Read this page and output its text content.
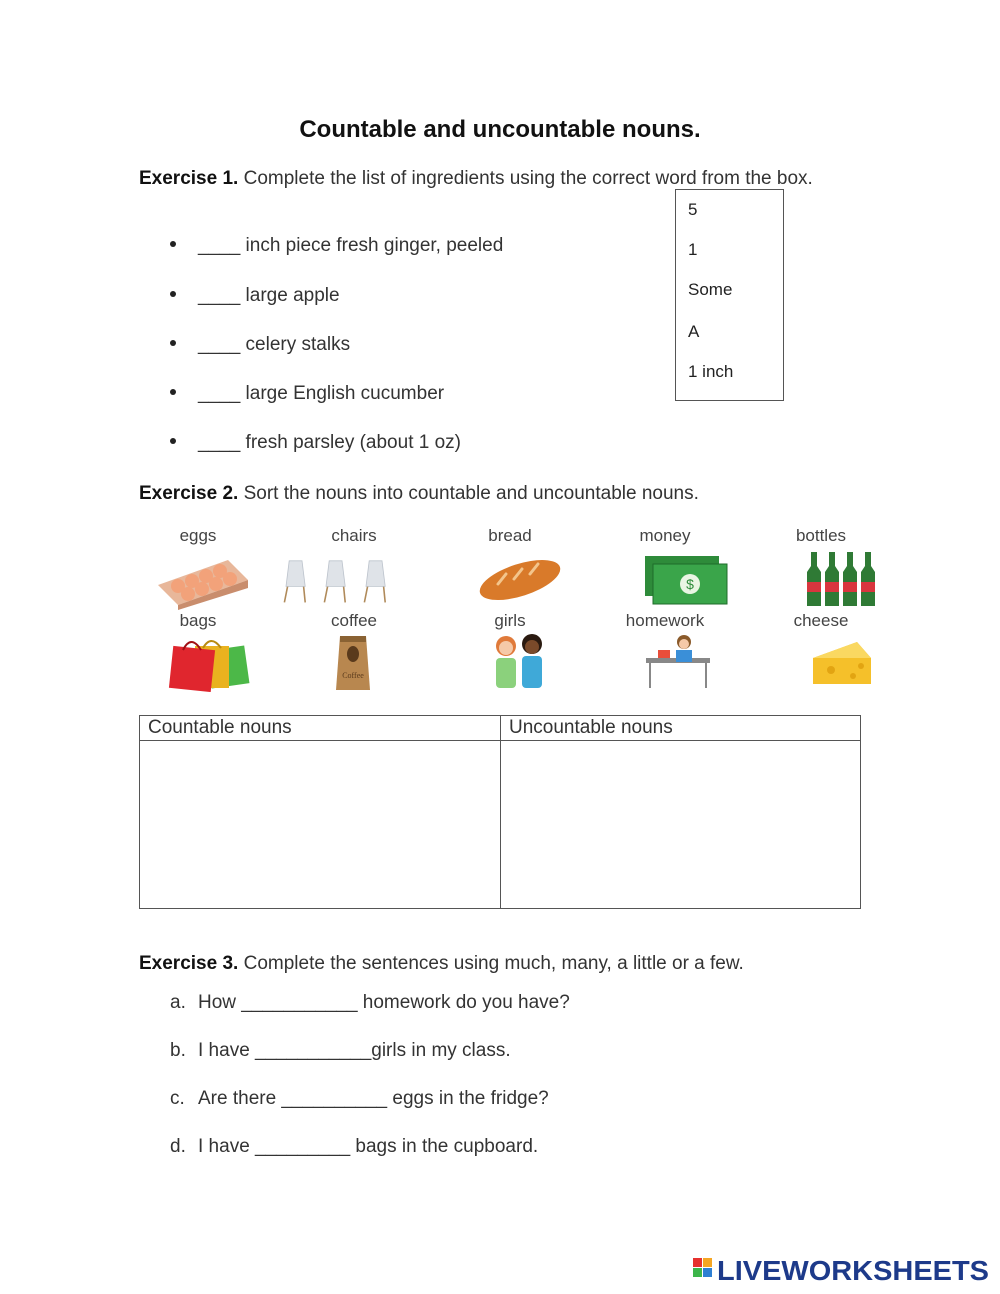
Countable and uncountable nouns.
Exercise 1. Complete the list of ingredients using the correct word from the box.
____ inch piece fresh ginger, peeled
____ large apple
____ celery stalks
____ large English cucumber
____ fresh parsley (about 1 oz)
5
1
Some
A
1 inch
Exercise 2. Sort the nouns into countable and uncountable nouns.
eggs	chairs	bread	money	bottles
$
bags	coffee	girls	homework	cheese
Coffee
Countable nouns	Uncountable nouns

Exercise 3. Complete the sentences using much, many, a little or a few.
a. How ___________ homework do you have?
b. I have ___________girls in my class.
c. Are there __________ eggs in the fridge?
d. I have _________ bags in the cupboard.
LIVEWORKSHEETS
